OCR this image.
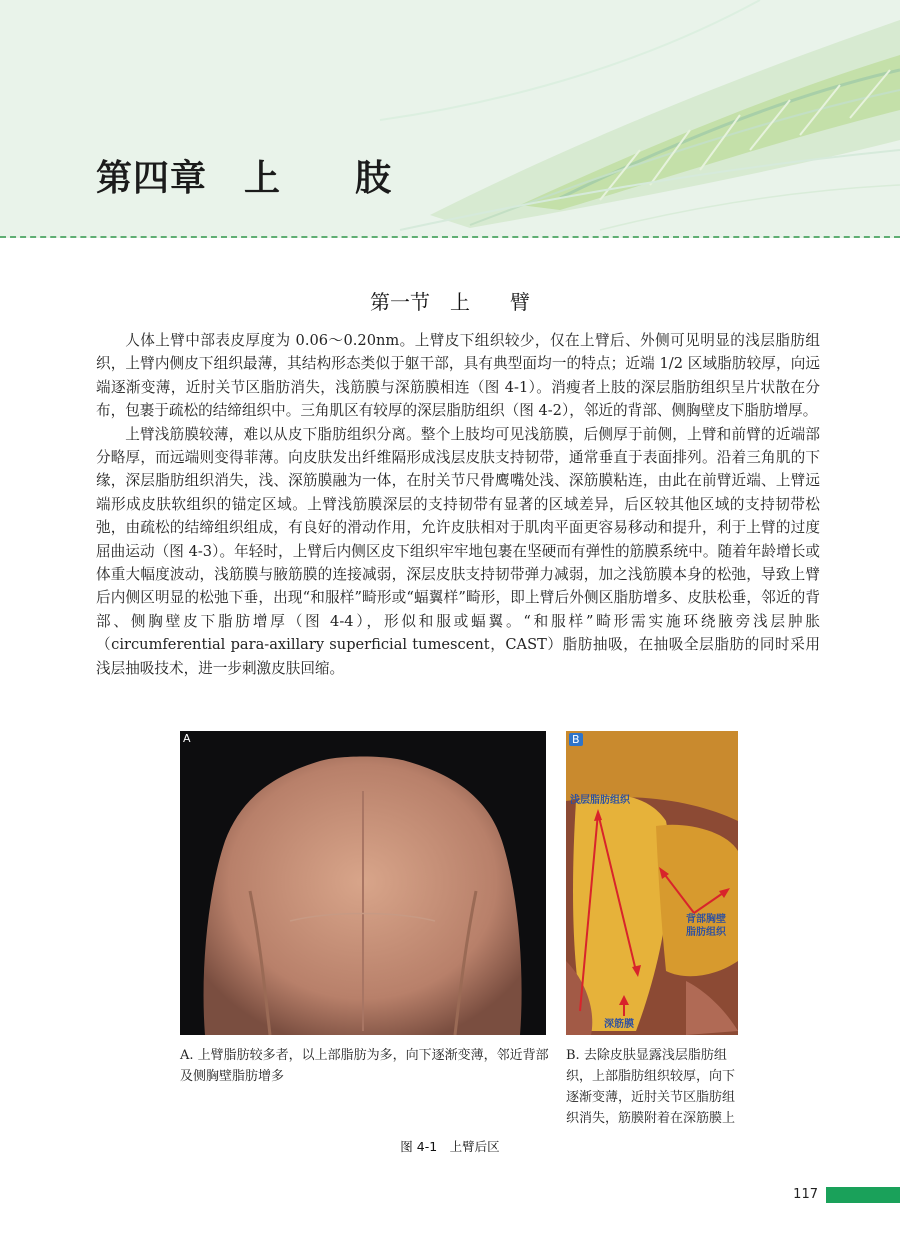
第四章　上　　肢
第一节　上　　臂

人体上臂中部表皮厚度为 0.06～0.20nm。上臂皮下组织较少，仅在上臂后、外侧可见明显的浅层脂肪组织，上臂内侧皮下组织最薄，其结构形态类似于躯干部，具有典型面均一的特点；近端 1/2 区域脂肪较厚，向远端逐渐变薄，近肘关节区脂肪消失，浅筋膜与深筋膜相连（图 4-1）。消瘦者上肢的深层脂肪组织呈片状散在分布，包裹于疏松的结缔组织中。三角肌区有较厚的深层脂肪组织（图 4-2），邻近的背部、侧胸壁皮下脂肪增厚。

上臂浅筋膜较薄，难以从皮下脂肪组织分离。整个上肢均可见浅筋膜，后侧厚于前侧，上臂和前臂的近端部分略厚，而远端则变得菲薄。向皮肤发出纤维隔形成浅层皮肤支持韧带，通常垂直于表面排列。沿着三角肌的下缘，深层脂肪组织消失，浅、深筋膜融为一体，在肘关节尺骨鹰嘴处浅、深筋膜粘连，由此在前臂近端、上臂远端形成皮肤软组织的锚定区域。上臂浅筋膜深层的支持韧带有显著的区域差异，后区较其他区域的支持韧带松弛，由疏松的结缔组织组成，有良好的滑动作用，允许皮肤相对于肌肉平面更容易移动和提升，利于上臂的过度屈曲运动（图 4-3）。年轻时，上臂后内侧区皮下组织牢牢地包裹在坚硬而有弹性的筋膜系统中。随着年龄增长或体重大幅度波动，浅筋膜与腋筋膜的连接减弱，深层皮肤支持韧带弹力减弱，加之浅筋膜本身的松弛，导致上臂后内侧区明显的松弛下垂，出现“和服样”畸形或“蝠翼样”畸形，即上臂后外侧区脂肪增多、皮肤松垂，邻近的背部、侧胸壁皮下脂肪增厚（图 4-4），形似和服或蝠翼。“和服样”畸形需实施环绕腋旁浅层肿胀（circumferential para-axillary superficial tumescent，CAST）脂肪抽吸，在抽吸全层脂肪的同时采用浅层抽吸技术，进一步刺激皮肤回缩。

A	B
浅层脂肪组织
背部胸壁
脂肪组织
深筋膜
A. 上臂脂肪较多者，以上部脂肪为多，向下逐渐变薄，邻近背部及侧胸壁脂肪增多
B. 去除皮肤显露浅层脂肪组织，上部脂肪组织较厚，向下逐渐变薄，近肘关节区脂肪组织消失，筋膜附着在深筋膜上
图 4-1　上臂后区
117
